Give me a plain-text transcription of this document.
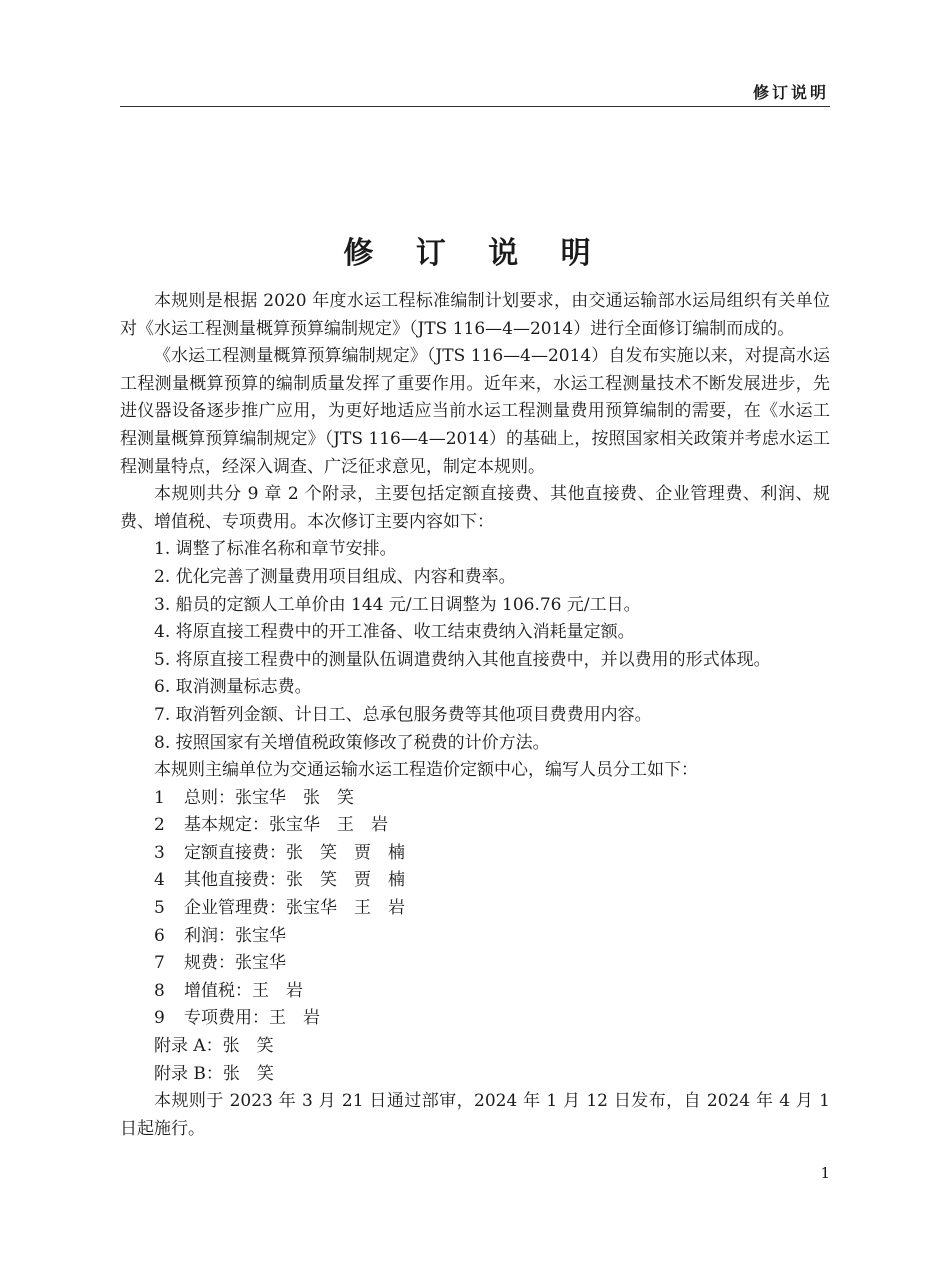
修订说明
修 订 说 明

本规则是根据 2020 年度水运工程标准编制计划要求，由交通运输部水运局组织有关单位对《水运工程测量概算预算编制规定》（JTS 116—4—2014）进行全面修订编制而成的。

《水运工程测量概算预算编制规定》（JTS 116—4—2014）自发布实施以来，对提高水运工程测量概算预算的编制质量发挥了重要作用。近年来，水运工程测量技术不断发展进步，先进仪器设备逐步推广应用，为更好地适应当前水运工程测量费用预算编制的需要，在《水运工程测量概算预算编制规定》（JTS 116—4—2014）的基础上，按照国家相关政策并考虑水运工程测量特点，经深入调查、广泛征求意见，制定本规则。

本规则共分 9 章 2 个附录，主要包括定额直接费、其他直接费、企业管理费、利润、规费、增值税、专项费用。本次修订主要内容如下：

1. 调整了标准名称和章节安排。

2. 优化完善了测量费用项目组成、内容和费率。

3. 船员的定额人工单价由 144 元/工日调整为 106.76 元/工日。

4. 将原直接工程费中的开工准备、收工结束费纳入消耗量定额。

5. 将原直接工程费中的测量队伍调遣费纳入其他直接费中，并以费用的形式体现。

6. 取消测量标志费。

7. 取消暂列金额、计日工、总承包服务费等其他项目费费用内容。

8. 按照国家有关增值税政策修改了税费的计价方法。

本规则主编单位为交通运输水运工程造价定额中心，编写人员分工如下：

1	总则：张宝华　张　笑
2	基本规定：张宝华　王　岩
3	定额直接费：张　笑　贾　楠
4	其他直接费：张　笑　贾　楠
5	企业管理费：张宝华　王　岩
6	利润：张宝华
7	规费：张宝华
8	增值税：王　岩
9	专项费用：王　岩

附录 A：张　笑

附录 B：张　笑

本规则于 2023 年 3 月 21 日通过部审，2024 年 1 月 12 日发布，自 2024 年 4 月 1 日起施行。

1
